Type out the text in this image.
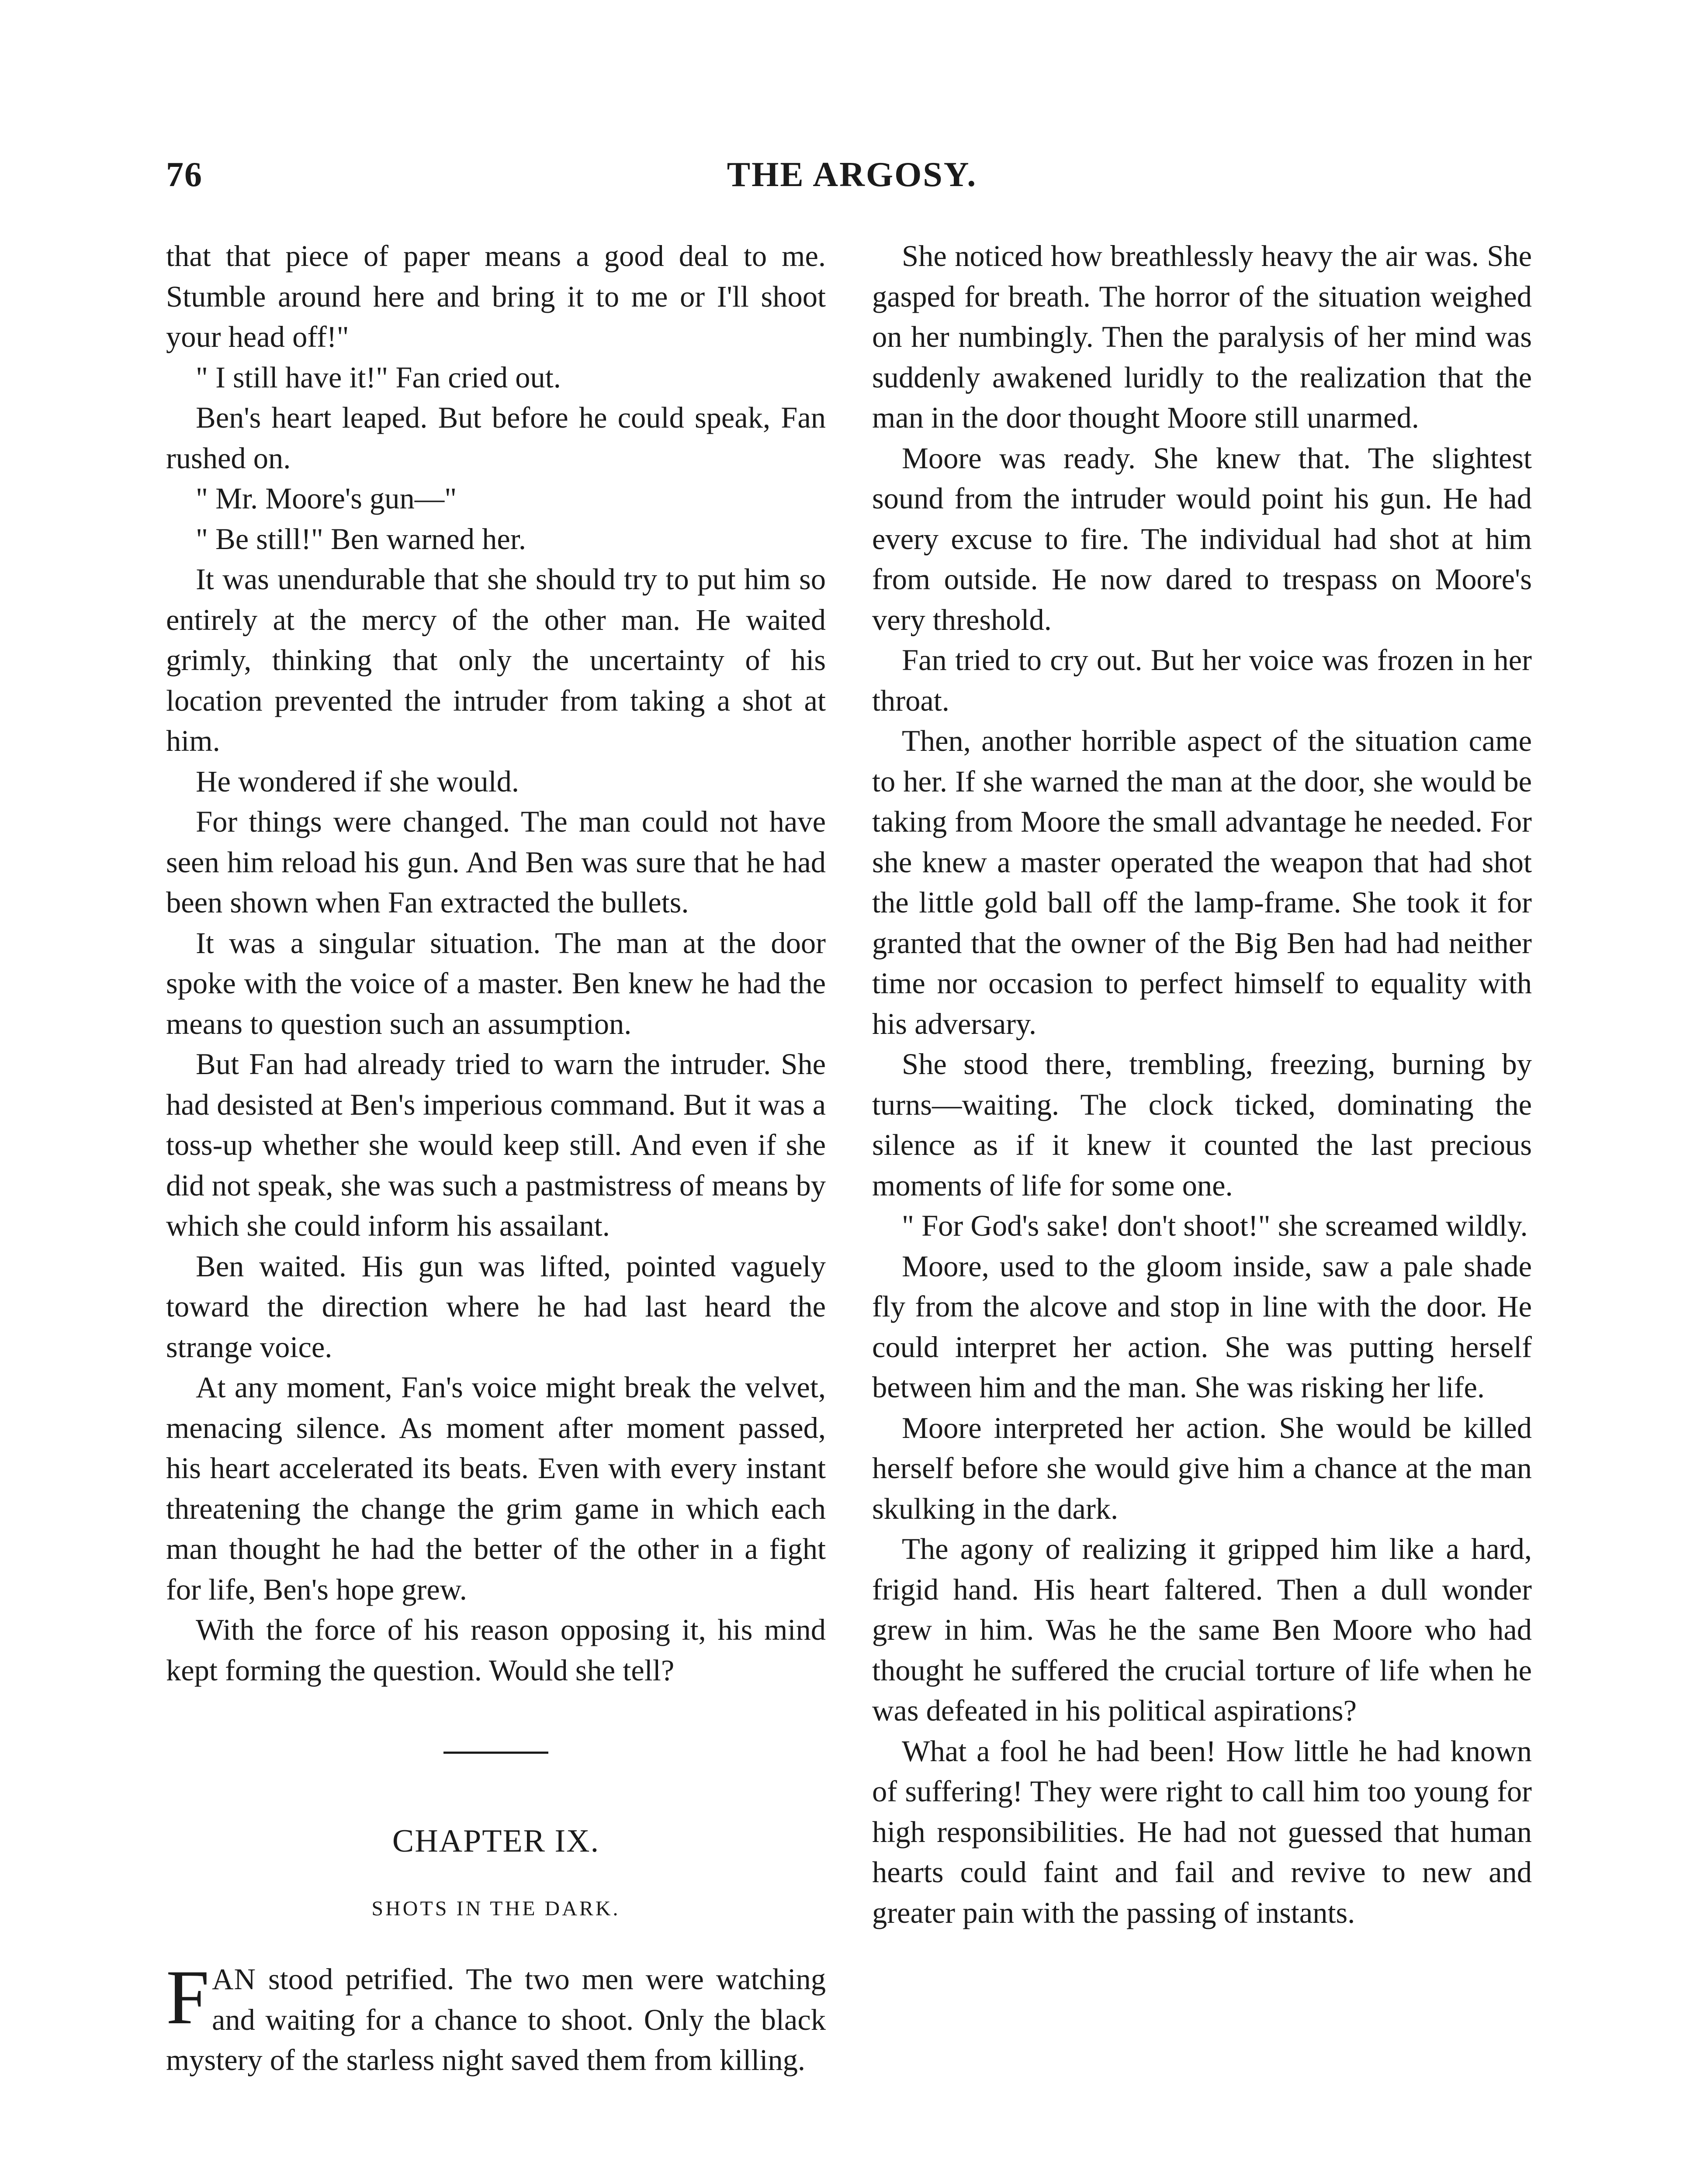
76	THE ARGOSY.

that that piece of paper means a good deal to me. Stumble around here and bring it to me or I'll shoot your head off!"

" I still have it!" Fan cried out.

Ben's heart leaped. But before he could speak, Fan rushed on.

" Mr. Moore's gun—"

" Be still!" Ben warned her.

It was unendurable that she should try to put him so entirely at the mercy of the other man. He waited grimly, thinking that only the uncertainty of his location prevented the intruder from taking a shot at him.

He wondered if she would.

For things were changed. The man could not have seen him reload his gun. And Ben was sure that he had been shown when Fan extracted the bullets.

It was a singular situation. The man at the door spoke with the voice of a master. Ben knew he had the means to question such an assumption.

But Fan had already tried to warn the intruder. She had desisted at Ben's imperious command. But it was a toss-up whether she would keep still. And even if she did not speak, she was such a pastmistress of means by which she could inform his assailant.

Ben waited. His gun was lifted, pointed vaguely toward the direction where he had last heard the strange voice.

At any moment, Fan's voice might break the velvet, menacing silence. As moment after moment passed, his heart accelerated its beats. Even with every instant threatening the change the grim game in which each man thought he had the better of the other in a fight for life, Ben's hope grew.

With the force of his reason opposing it, his mind kept forming the question. Would she tell?

CHAPTER IX.
SHOTS IN THE DARK.

FAN stood petrified. The two men were watching and waiting for a chance to shoot. Only the black mystery of the starless night saved them from killing.

She noticed how breathlessly heavy the air was. She gasped for breath. The horror of the situation weighed on her numbingly. Then the paralysis of her mind was suddenly awakened luridly to the realization that the man in the door thought Moore still unarmed.

Moore was ready. She knew that. The slightest sound from the intruder would point his gun. He had every excuse to fire. The individual had shot at him from outside. He now dared to trespass on Moore's very threshold.

Fan tried to cry out. But her voice was frozen in her throat.

Then, another horrible aspect of the situation came to her. If she warned the man at the door, she would be taking from Moore the small advantage he needed. For she knew a master operated the weapon that had shot the little gold ball off the lamp-frame. She took it for granted that the owner of the Big Ben had had neither time nor occasion to perfect himself to equality with his adversary.

She stood there, trembling, freezing, burning by turns—waiting. The clock ticked, dominating the silence as if it knew it counted the last precious moments of life for some one.

" For God's sake! don't shoot!" she screamed wildly.

Moore, used to the gloom inside, saw a pale shade fly from the alcove and stop in line with the door. He could interpret her action. She was putting herself between him and the man. She was risking her life.

Moore interpreted her action. She would be killed herself before she would give him a chance at the man skulking in the dark.

The agony of realizing it gripped him like a hard, frigid hand. His heart faltered. Then a dull wonder grew in him. Was he the same Ben Moore who had thought he suffered the crucial torture of life when he was defeated in his political aspirations?

What a fool he had been! How little he had known of suffering! They were right to call him too young for high responsibilities. He had not guessed that human hearts could faint and fail and revive to new and greater pain with the passing of instants.
